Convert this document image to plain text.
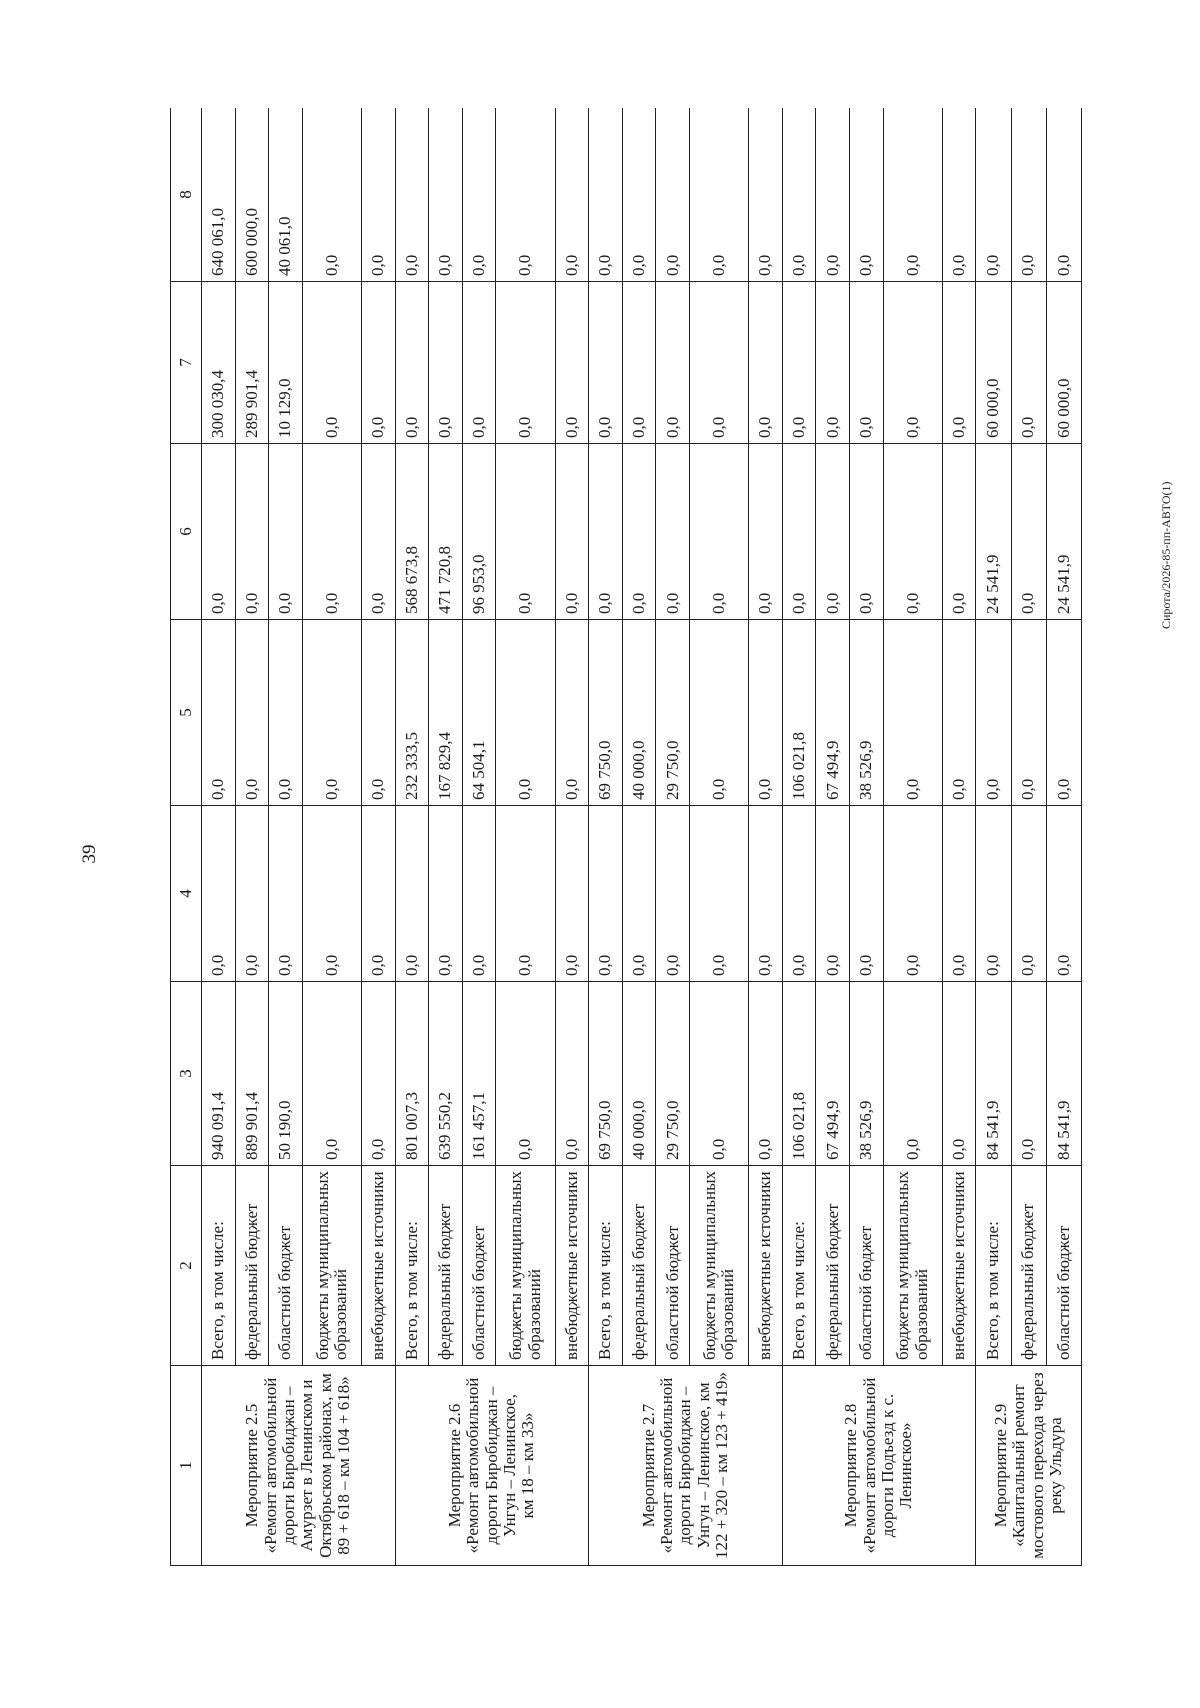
39
Сирота/2026-85-пп-АВТО(1)
1	2	3	4	5	6	7	8
Мероприятие 2.5
«Ремонт автомобильной дороги Биробиджан – Амурзет в Ленинском и Октябрьском районах, км 89 + 618 – км 104 + 618»	Всего, в том числе:	940 091,4	0,0	0,0	0,0	300 030,4	640 061,0
	федеральный бюджет	889 901,4	0,0	0,0	0,0	289 901,4	600 000,0
	областной бюджет	50 190,0	0,0	0,0	0,0	10 129,0	40 061,0

	бюджеты муниципальных образований	0,0	0,0	0,0	0,0	0,0	0,0
	внебюджетные источники	0,0	0,0	0,0	0,0	0,0	0,0
Мероприятие 2.6
«Ремонт автомобильной дороги Биробиджан – Унгун – Ленинское,
км 18 – км 33»	Всего, в том числе:	801 007,3	0,0	232 333,5	568 673,8	0,0	0,0
	федеральный бюджет	639 550,2	0,0	167 829,4	471 720,8	0,0	0,0
	областной бюджет	161 457,1	0,0	64 504,1	96 953,0	0,0	0,0

	бюджеты муниципальных образований	0,0	0,0	0,0	0,0	0,0	0,0
	внебюджетные источники	0,0	0,0	0,0	0,0	0,0	0,0
Мероприятие 2.7
«Ремонт автомобильной дороги Биробиджан – Унгун – Ленинское, км 122 + 320 – км 123 + 419»	Всего, в том числе:	69 750,0	0,0	69 750,0	0,0	0,0	0,0
	федеральный бюджет	40 000,0	0,0	40 000,0	0,0	0,0	0,0
	областной бюджет	29 750,0	0,0	29 750,0	0,0	0,0	0,0

	бюджеты муниципальных образований	0,0	0,0	0,0	0,0	0,0	0,0
	внебюджетные источники	0,0	0,0	0,0	0,0	0,0	0,0
Мероприятие 2.8
«Ремонт автомобильной дороги Подъезд к с. Ленинское»	Всего, в том числе:	106 021,8	0,0	106 021,8	0,0	0,0	0,0
	федеральный бюджет	67 494,9	0,0	67 494,9	0,0	0,0	0,0
	областной бюджет	38 526,9	0,0	38 526,9	0,0	0,0	0,0

	бюджеты муниципальных образований	0,0	0,0	0,0	0,0	0,0	0,0
	внебюджетные источники	0,0	0,0	0,0	0,0	0,0	0,0
Мероприятие 2.9
«Капитальный ремонт мостового перехода через реку Ульдура	Всего, в том числе:	84 541,9	0,0	0,0	24 541,9	60 000,0	0,0
	федеральный бюджет	0,0	0,0	0,0	0,0	0,0	0,0
	областной бюджет	84 541,9	0,0	0,0	24 541,9	60 000,0	0,0
